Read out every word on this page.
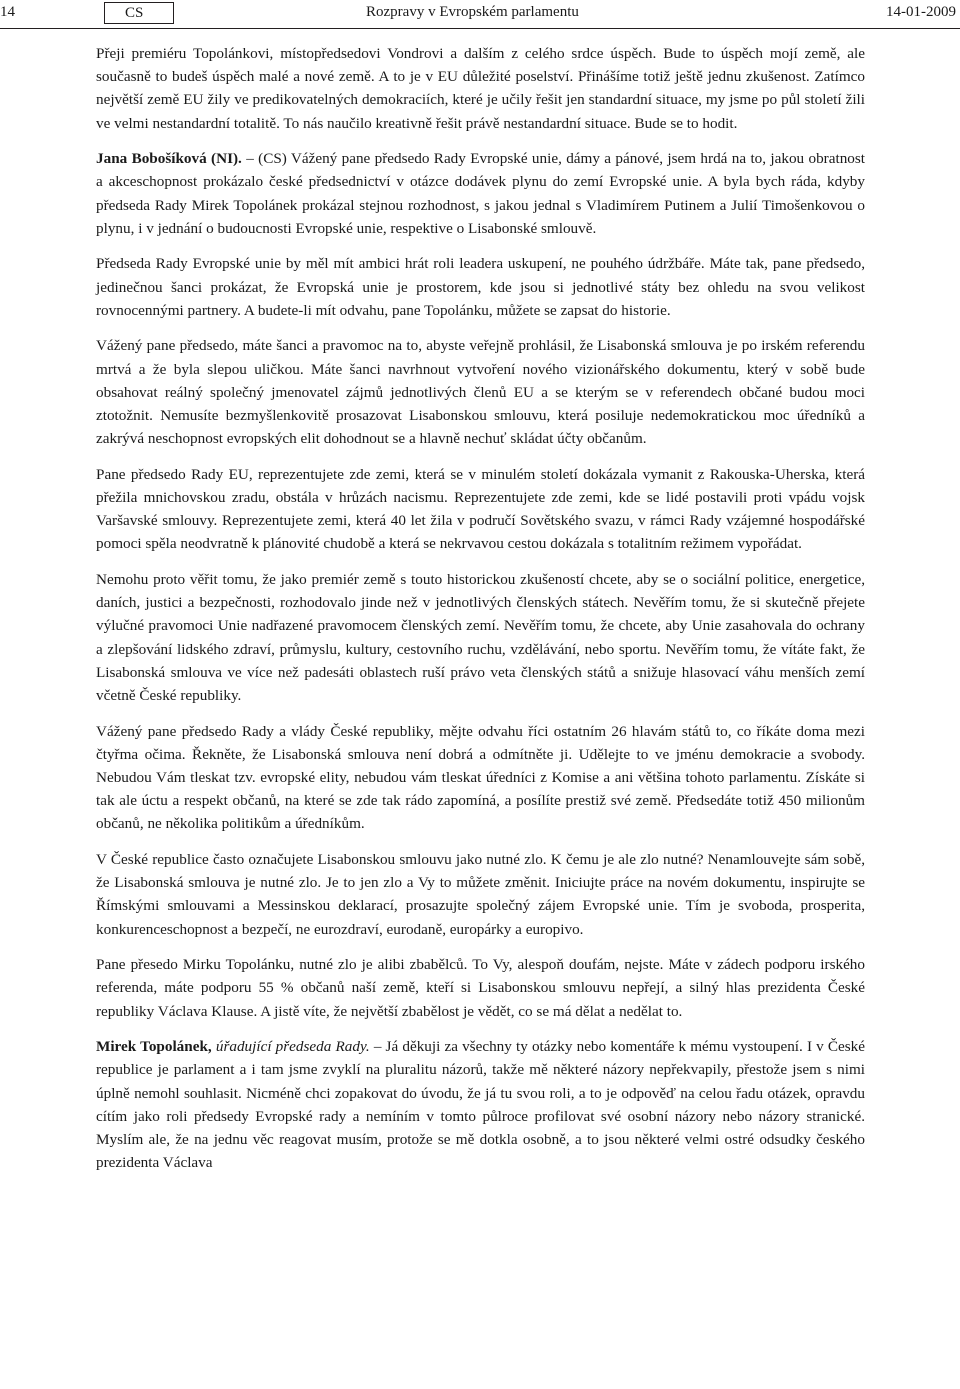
14	CS	Rozpravy v Evropském parlamentu	14-01-2009

Přeji premiéru Topolánkovi, místopředsedovi Vondrovi a dalším z celého srdce úspěch. Bude to úspěch mojí země, ale současně to budeš úspěch malé a nové země. A to je v EU důležité poselství. Přinášíme totiž ještě jednu zkušenost. Zatímco největší země EU žily ve predikovatelných demokraciích, které je učily řešit jen standardní situace, my jsme po půl století žili ve velmi nestandardní totalitě. To nás naučilo kreativně řešit právě nestandardní situace. Bude se to hodit.

Jana Bobošíková (NI). – (CS) Vážený pane předsedo Rady Evropské unie, dámy a pánové, jsem hrdá na to, jakou obratnost a akceschopnost prokázalo české předsednictví v otázce dodávek plynu do zemí Evropské unie. A byla bych ráda, kdyby předseda Rady Mirek Topolánek prokázal stejnou rozhodnost, s jakou jednal s Vladimírem Putinem a Julií Timošenkovou o plynu, i v jednání o budoucnosti Evropské unie, respektive o Lisabonské smlouvě.

Předseda Rady Evropské unie by měl mít ambici hrát roli leadera uskupení, ne pouhého údržbáře. Máte tak, pane předsedo, jedinečnou šanci prokázat, že Evropská unie je prostorem, kde jsou si jednotlivé státy bez ohledu na svou velikost rovnocennými partnery. A budete-li mít odvahu, pane Topolánku, můžete se zapsat do historie.

Vážený pane předsedo, máte šanci a pravomoc na to, abyste veřejně prohlásil, že Lisabonská smlouva je po irském referendu mrtvá a že byla slepou uličkou. Máte šanci navrhnout vytvoření nového vizionářského dokumentu, který v sobě bude obsahovat reálný společný jmenovatel zájmů jednotlivých členů EU a se kterým se v referendech občané budou moci ztotožnit. Nemusíte bezmyšlenkovitě prosazovat Lisabonskou smlouvu, která posiluje nedemokratickou moc úředníků a zakrývá neschopnost evropských elit dohodnout se a hlavně nechuť skládat účty občanům.

Pane předsedo Rady EU, reprezentujete zde zemi, která se v minulém století dokázala vymanit z Rakouska-Uherska, která přežila mnichovskou zradu, obstála v hrůzách nacismu. Reprezentujete zde zemi, kde se lidé postavili proti vpádu vojsk Varšavské smlouvy. Reprezentujete zemi, která 40 let žila v područí Sovětského svazu, v rámci Rady vzájemné hospodářské pomoci spěla neodvratně k plánovité chudobě a která se nekrvavou cestou dokázala s totalitním režimem vypořádat.

Nemohu proto věřit tomu, že jako premiér země s touto historickou zkušeností chcete, aby se o sociální politice, energetice, daních, justici a bezpečnosti, rozhodovalo jinde než v jednotlivých členských státech. Nevěřím tomu, že si skutečně přejete výlučné pravomoci Unie nadřazené pravomocem členských zemí. Nevěřím tomu, že chcete, aby Unie zasahovala do ochrany a zlepšování lidského zdraví, průmyslu, kultury, cestovního ruchu, vzdělávání, nebo sportu. Nevěřím tomu, že vítáte fakt, že Lisabonská smlouva ve více než padesáti oblastech ruší právo veta členských států a snižuje hlasovací váhu menších zemí včetně České republiky.

Vážený pane předsedo Rady a vlády České republiky, mějte odvahu říci ostatním 26 hlavám států to, co říkáte doma mezi čtyřma očima. Řekněte, že Lisabonská smlouva není dobrá a odmítněte ji. Udělejte to ve jménu demokracie a svobody. Nebudou Vám tleskat tzv. evropské elity, nebudou vám tleskat úředníci z Komise a ani většina tohoto parlamentu. Získáte si tak ale úctu a respekt občanů, na které se zde tak rádo zapomíná, a posílíte prestiž své země. Předsedáte totiž 450 milionům občanů, ne několika politikům a úředníkům.

V České republice často označujete Lisabonskou smlouvu jako nutné zlo. K čemu je ale zlo nutné? Nenamlouvejte sám sobě, že Lisabonská smlouva je nutné zlo. Je to jen zlo a Vy to můžete změnit. Iniciujte práce na novém dokumentu, inspirujte se Římskými smlouvami a Messinskou deklarací, prosazujte společný zájem Evropské unie. Tím je svoboda, prosperita, konkurenceschopnost a bezpečí, ne eurozdraví, eurodaně, europárky a europivo.

Pane přesedo Mirku Topolánku, nutné zlo je alibi zbabělců. To Vy, alespoň doufám, nejste. Máte v zádech podporu irského referenda, máte podporu 55 % občanů naší země, kteří si Lisabonskou smlouvu nepřejí, a silný hlas prezidenta České republiky Václava Klause. A jistě víte, že největší zbabělost je vědět, co se má dělat a nedělat to.

Mirek Topolánek, úřadující předseda Rady. – Já děkuji za všechny ty otázky nebo komentáře k mému vystoupení. I v České republice je parlament a i tam jsme zvyklí na pluralitu názorů, takže mě některé názory nepřekvapily, přestože jsem s nimi úplně nemohl souhlasit. Nicméně chci zopakovat do úvodu, že já tu svou roli, a to je odpověď na celou řadu otázek, opravdu cítím jako roli předsedy Evropské rady a nemíním v tomto půlroce profilovat své osobní názory nebo názory stranické. Myslím ale, že na jednu věc reagovat musím, protože se mě dotkla osobně, a to jsou některé velmi ostré odsudky českého prezidenta Václava
